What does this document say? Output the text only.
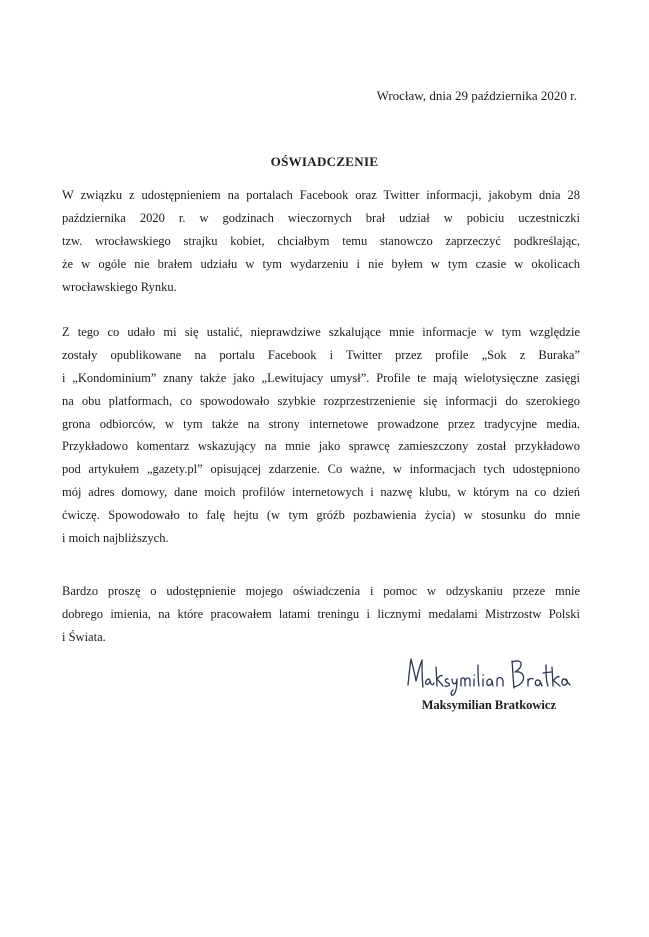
Wrocław, dnia 29 października 2020 r.
OŚWIADCZENIE
W związku z udostępnieniem na portalach Facebook oraz Twitter informacji, jakobym dnia 28
października 2020 r. w godzinach wieczornych brał udział w pobiciu uczestniczki
tzw. wrocławskiego strajku kobiet, chciałbym temu stanowczo zaprzeczyć podkreślając,
że w ogóle nie brałem udziału w tym wydarzeniu i nie byłem w tym czasie w okolicach
wrocławskiego Rynku.
Z tego co udało mi się ustalić, nieprawdziwe szkalujące mnie informacje w tym względzie
zostały opublikowane na portalu Facebook i Twitter przez profile „Sok z Buraka”
i „Kondominium” znany także jako „Lewitujacy umysł”. Profile te mają wielotysięczne zasięgi
na obu platformach, co spowodowało szybkie rozprzestrzenienie się informacji do szerokiego
grona odbiorców, w tym także na strony internetowe prowadzone przez tradycyjne media.
Przykładowo komentarz wskazujący na mnie jako sprawcę zamieszczony został przykładowo
pod artykułem „gazety.pl” opisującej zdarzenie. Co ważne, w informacjach tych udostępniono
mój adres domowy, dane moich profilów internetowych i nazwę klubu, w którym na co dzień
ćwiczę. Spowodowało to falę hejtu (w tym gróźb pozbawienia życia) w stosunku do mnie
i moich najbliższych.
Bardzo proszę o udostępnienie mojego oświadczenia i pomoc w odzyskaniu przeze mnie
dobrego imienia, na które pracowałem latami treningu i licznymi medalami Mistrzostw Polski
i Świata.
Maksymilian Bratkowicz
